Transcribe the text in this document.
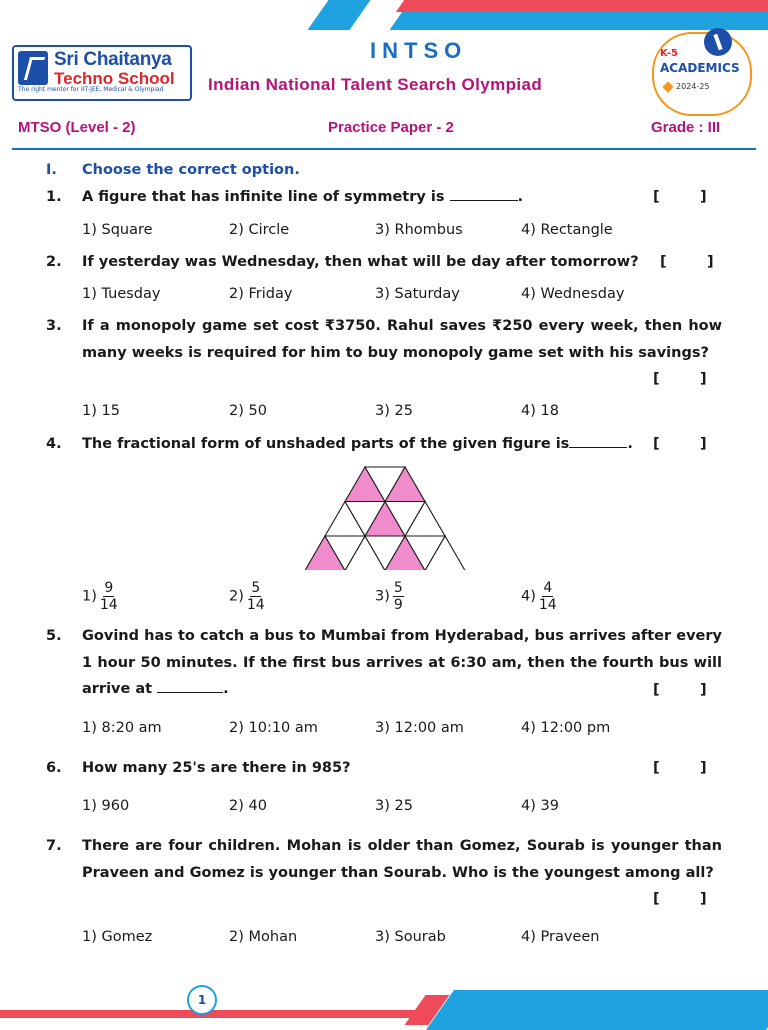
Sri Chaitanya
Techno School
The right mentor for IIT-JEE, Medical & Olympiad
INTSO
Indian National Talent Search Olympiad
K-5
ACADEMICS
2024-25
MTSO (Level - 2)	Practice Paper - 2	Grade : III
I. Choose the correct option.
1. A figure that has infinite line of symmetry is	.	[        ]
1) Square	2) Circle	3) Rhombus	4) Rectangle
2. If yesterday was Wednesday, then what will be day after tomorrow?	[        ]
1) Tuesday	2) Friday	3) Saturday	4) Wednesday
3. If a monopoly game set cost ₹3750. Rahul saves ₹250 every week, then how many weeks is required for him to buy monopoly game set with his savings?
[        ]
1) 15	2) 50	3) 25	4) 18
4. The fractional form of unshaded parts of the given figure is	.	[        ]
$1) \frac{9}{14}$	$2) \frac{5}{14}$	$3) \frac{5}{9}$	$4) \frac{4}{14}$
5. Govind has to catch a bus to Mumbai from Hyderabad, bus arrives after every 1 hour 50 minutes. If the first bus arrives at 6:30 am, then the fourth bus will arrive at	.	[        ]
1) 8:20 am	2) 10:10 am	3) 12:00 am	4) 12:00 pm
6. How many 25's are there in 985?	[        ]
1) 960	2) 40	3) 25	4) 39
7. There are four children. Mohan is older than Gomez, Sourab is younger than Praveen and Gomez is younger than Sourab. Who is the youngest among all?
[        ]
1) Gomez	2) Mohan	3) Sourab	4) Praveen
1
